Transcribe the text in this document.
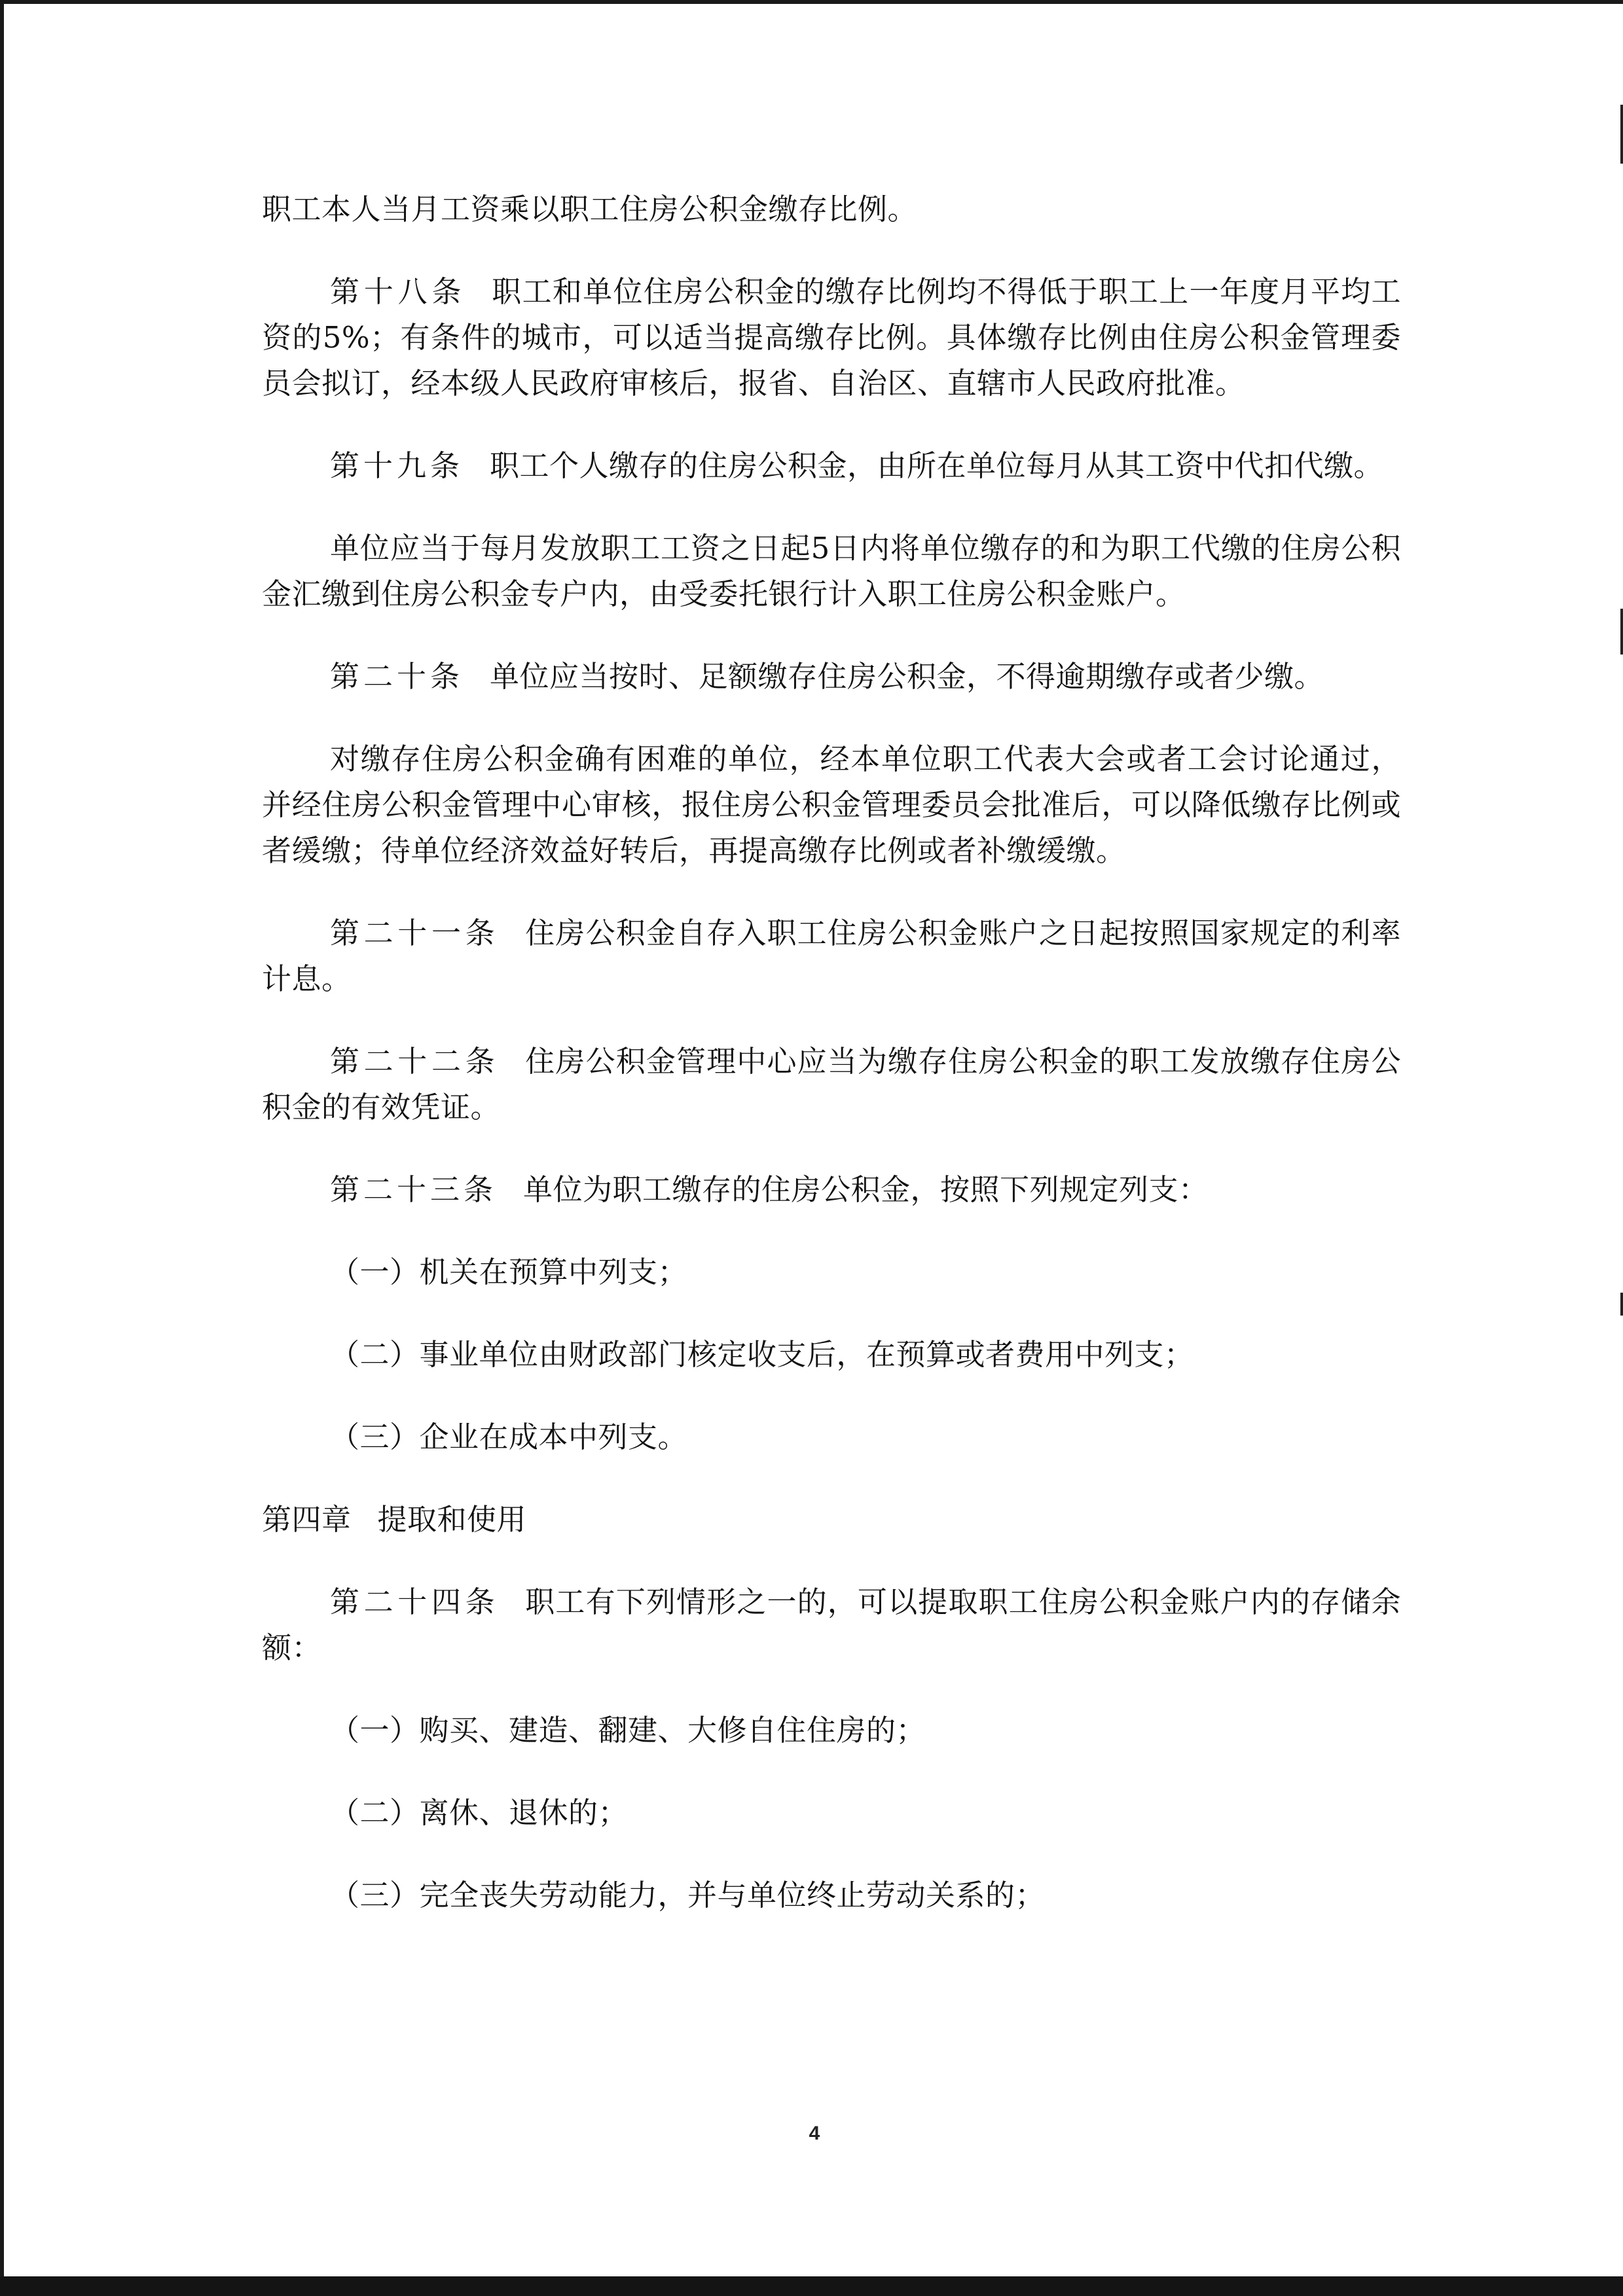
职工本人当月工资乘以职工住房公积金缴存比例。

第十八条 职工和单位住房公积金的缴存比例均不得低于职工上一年度月平均工资的5%；有条件的城市，可以适当提高缴存比例。具体缴存比例由住房公积金管理委员会拟订，经本级人民政府审核后，报省、自治区、直辖市人民政府批准。

第十九条 职工个人缴存的住房公积金，由所在单位每月从其工资中代扣代缴。

单位应当于每月发放职工工资之日起5日内将单位缴存的和为职工代缴的住房公积金汇缴到住房公积金专户内，由受委托银行计入职工住房公积金账户。

第二十条 单位应当按时、足额缴存住房公积金，不得逾期缴存或者少缴。

对缴存住房公积金确有困难的单位，经本单位职工代表大会或者工会讨论通过，并经住房公积金管理中心审核，报住房公积金管理委员会批准后，可以降低缴存比例或者缓缴；待单位经济效益好转后，再提高缴存比例或者补缴缓缴。

第二十一条 住房公积金自存入职工住房公积金账户之日起按照国家规定的利率计息。

第二十二条 住房公积金管理中心应当为缴存住房公积金的职工发放缴存住房公积金的有效凭证。

第二十三条 单位为职工缴存的住房公积金，按照下列规定列支：

（一）机关在预算中列支；

（二）事业单位由财政部门核定收支后，在预算或者费用中列支；

（三）企业在成本中列支。

第四章 提取和使用

第二十四条 职工有下列情形之一的，可以提取职工住房公积金账户内的存储余额：

（一）购买、建造、翻建、大修自住住房的；

（二）离休、退休的；

（三）完全丧失劳动能力，并与单位终止劳动关系的；

4
